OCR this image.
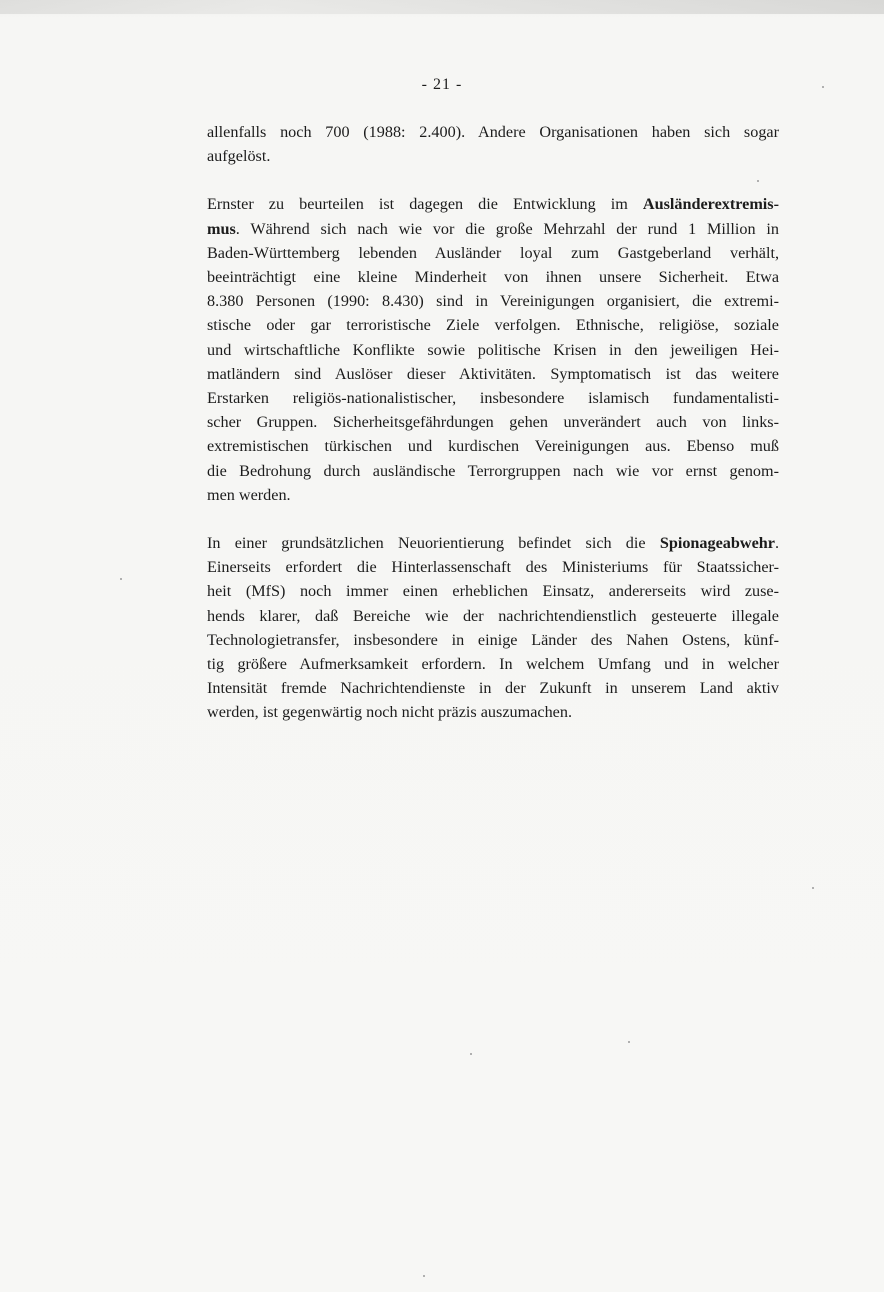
- 21 -
allenfalls noch 700 (1988: 2.400). Andere Organisationen haben sich sogar
aufgelöst.
Ernster zu beurteilen ist dagegen die Entwicklung im Ausländerextremis-
mus. Während sich nach wie vor die große Mehrzahl der rund 1 Million in
Baden-Württemberg lebenden Ausländer loyal zum Gastgeberland verhält,
beeinträchtigt eine kleine Minderheit von ihnen unsere Sicherheit. Etwa
8.380 Personen (1990: 8.430) sind in Vereinigungen organisiert, die extremi-
stische oder gar terroristische Ziele verfolgen. Ethnische, religiöse, soziale
und wirtschaftliche Konflikte sowie politische Krisen in den jeweiligen Hei-
matländern sind Auslöser dieser Aktivitäten. Symptomatisch ist das weitere
Erstarken religiös-nationalistischer, insbesondere islamisch fundamentalisti-
scher Gruppen. Sicherheitsgefährdungen gehen unverändert auch von links-
extremistischen türkischen und kurdischen Vereinigungen aus. Ebenso muß
die Bedrohung durch ausländische Terrorgruppen nach wie vor ernst genom-
men werden.
In einer grundsätzlichen Neuorientierung befindet sich die Spionageabwehr.
Einerseits erfordert die Hinterlassenschaft des Ministeriums für Staatssicher-
heit (MfS) noch immer einen erheblichen Einsatz, andererseits wird zuse-
hends klarer, daß Bereiche wie der nachrichtendienstlich gesteuerte illegale
Technologietransfer, insbesondere in einige Länder des Nahen Ostens, künf-
tig größere Aufmerksamkeit erfordern. In welchem Umfang und in welcher
Intensität fremde Nachrichtendienste in der Zukunft in unserem Land aktiv
werden, ist gegenwärtig noch nicht präzis auszumachen.
